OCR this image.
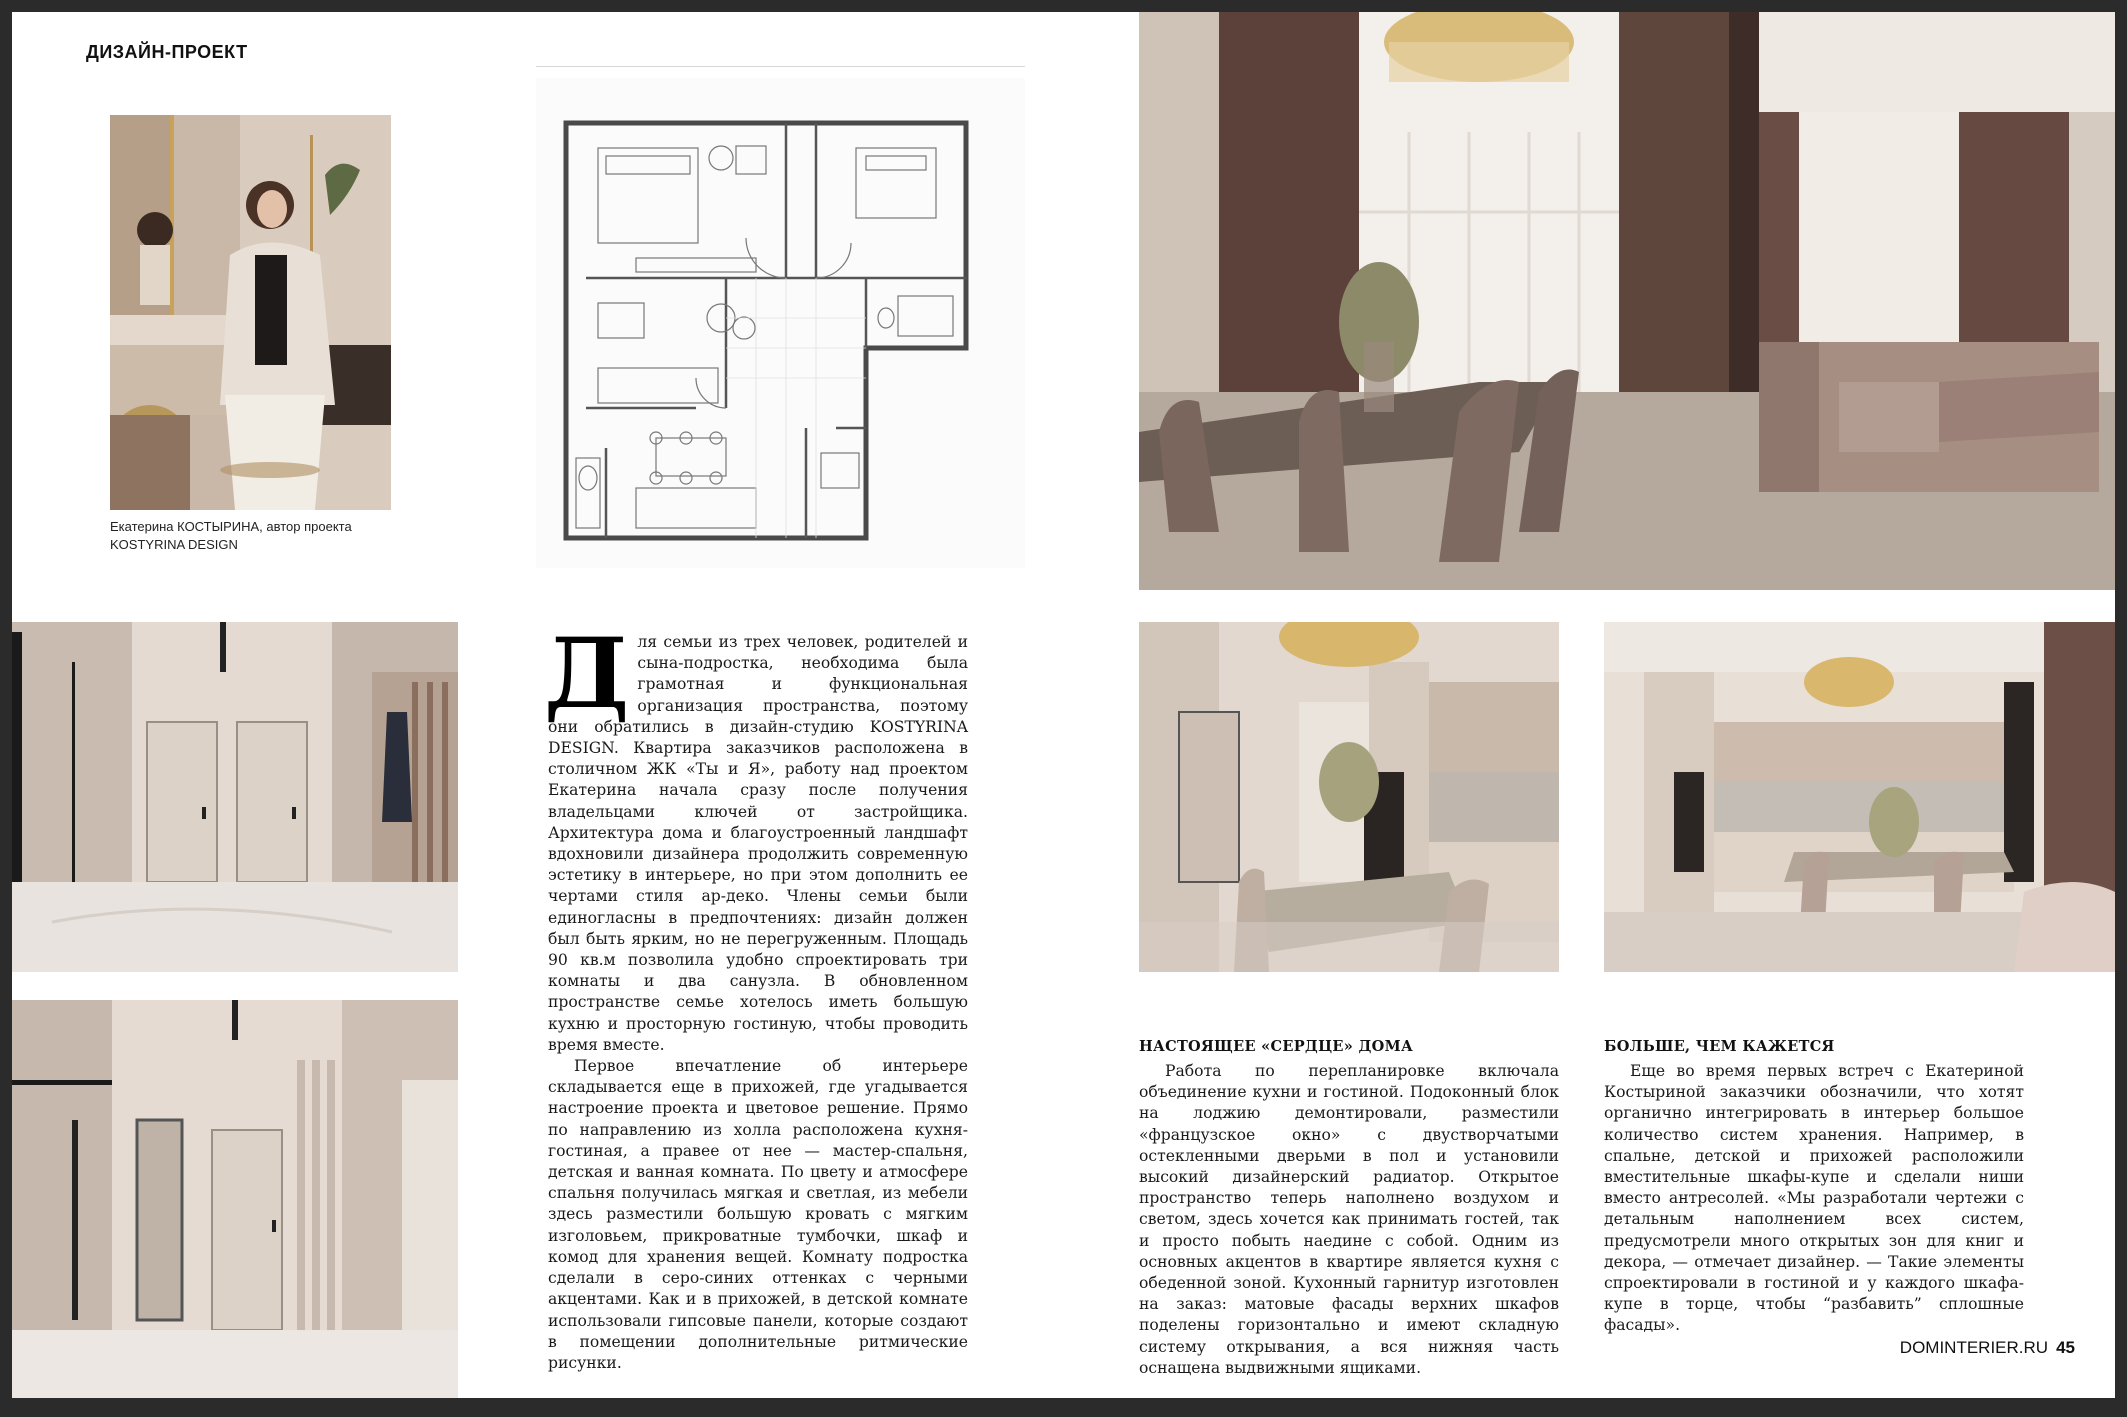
ДИЗАЙН-ПРОЕКТ
Екатерина КОСТЫРИНА, автор проекта
KOSTYRINA DESIGN

Для семьи из трех человек, родителей и сына-подростка, необходима была грамотная и функциональная организация пространства, поэтому они обратились в дизайн-студию KOSTYRINA DESIGN. Квартира заказчиков расположена в столичном ЖК «Ты и Я», работу над проектом Екатерина начала сразу после получения владельцами ключей от застройщика. Архитектура дома и благоустроенный ландшафт вдохновили дизайнера продолжить современную эстетику в интерьере, но при этом дополнить ее чертами стиля ар-деко. Члены семьи были единогласны в предпочтениях: дизайн должен был быть ярким, но не перегруженным. Площадь 90 кв.м позволила удобно спроектировать три комнаты и два санузла. В обновленном пространстве семье хотелось иметь большую кухню и просторную гостиную, чтобы проводить время вместе.

Первое впечатление об интерьере складывается еще в прихожей, где угадывается настроение проекта и цветовое решение. Прямо по направлению из холла расположена кухня-гостиная, а правее от нее — мастер-спальня, детская и ванная комната. По цвету и атмосфере спальня получилась мягкая и светлая, из мебели здесь разместили большую кровать с мягким изголовьем, прикроватные тумбочки, шкаф и комод для хранения вещей. Комнату подростка сделали в серо-синих оттенках с черными акцентами. Как и в прихожей, в детской комнате использовали гипсовые панели, которые создают в помещении дополнительные ритмические рисунки.

НАСТОЯЩЕЕ «СЕРДЦЕ» ДОМА

Работа по перепланировке включала объединение кухни и гостиной. Подоконный блок на лоджию демонтировали, разместили «французское окно» с двустворчатыми остекленными дверьми в пол и установили высокий дизайнерский радиатор. Открытое пространство теперь наполнено воздухом и светом, здесь хочется как принимать гостей, так и просто побыть наедине с собой. Одним из основных акцентов в квартире является кухня с обеденной зоной. Кухонный гарнитур изготовлен на заказ: матовые фасады верхних шкафов поделены горизонтально и имеют складную систему открывания, а вся нижняя часть оснащена выдвижными ящиками.

БОЛЬШЕ, ЧЕМ КАЖЕТСЯ

Еще во время первых встреч с Екатериной Костыриной заказчики обозначили, что хотят органично интегрировать в интерьер большое количество систем хранения. Например, в спальне, детской и прихожей расположили вместительные шкафы-купе и сделали ниши вместо антресолей. «Мы разработали чертежи с детальным наполнением всех систем, предусмотрели много открытых зон для книг и декора, — отмечает дизайнер. — Такие элементы спроектировали в гостиной и у каждого шкафа-купе в торце, чтобы “разбавить” сплошные фасады».

DOMINTERIER.RU 45
